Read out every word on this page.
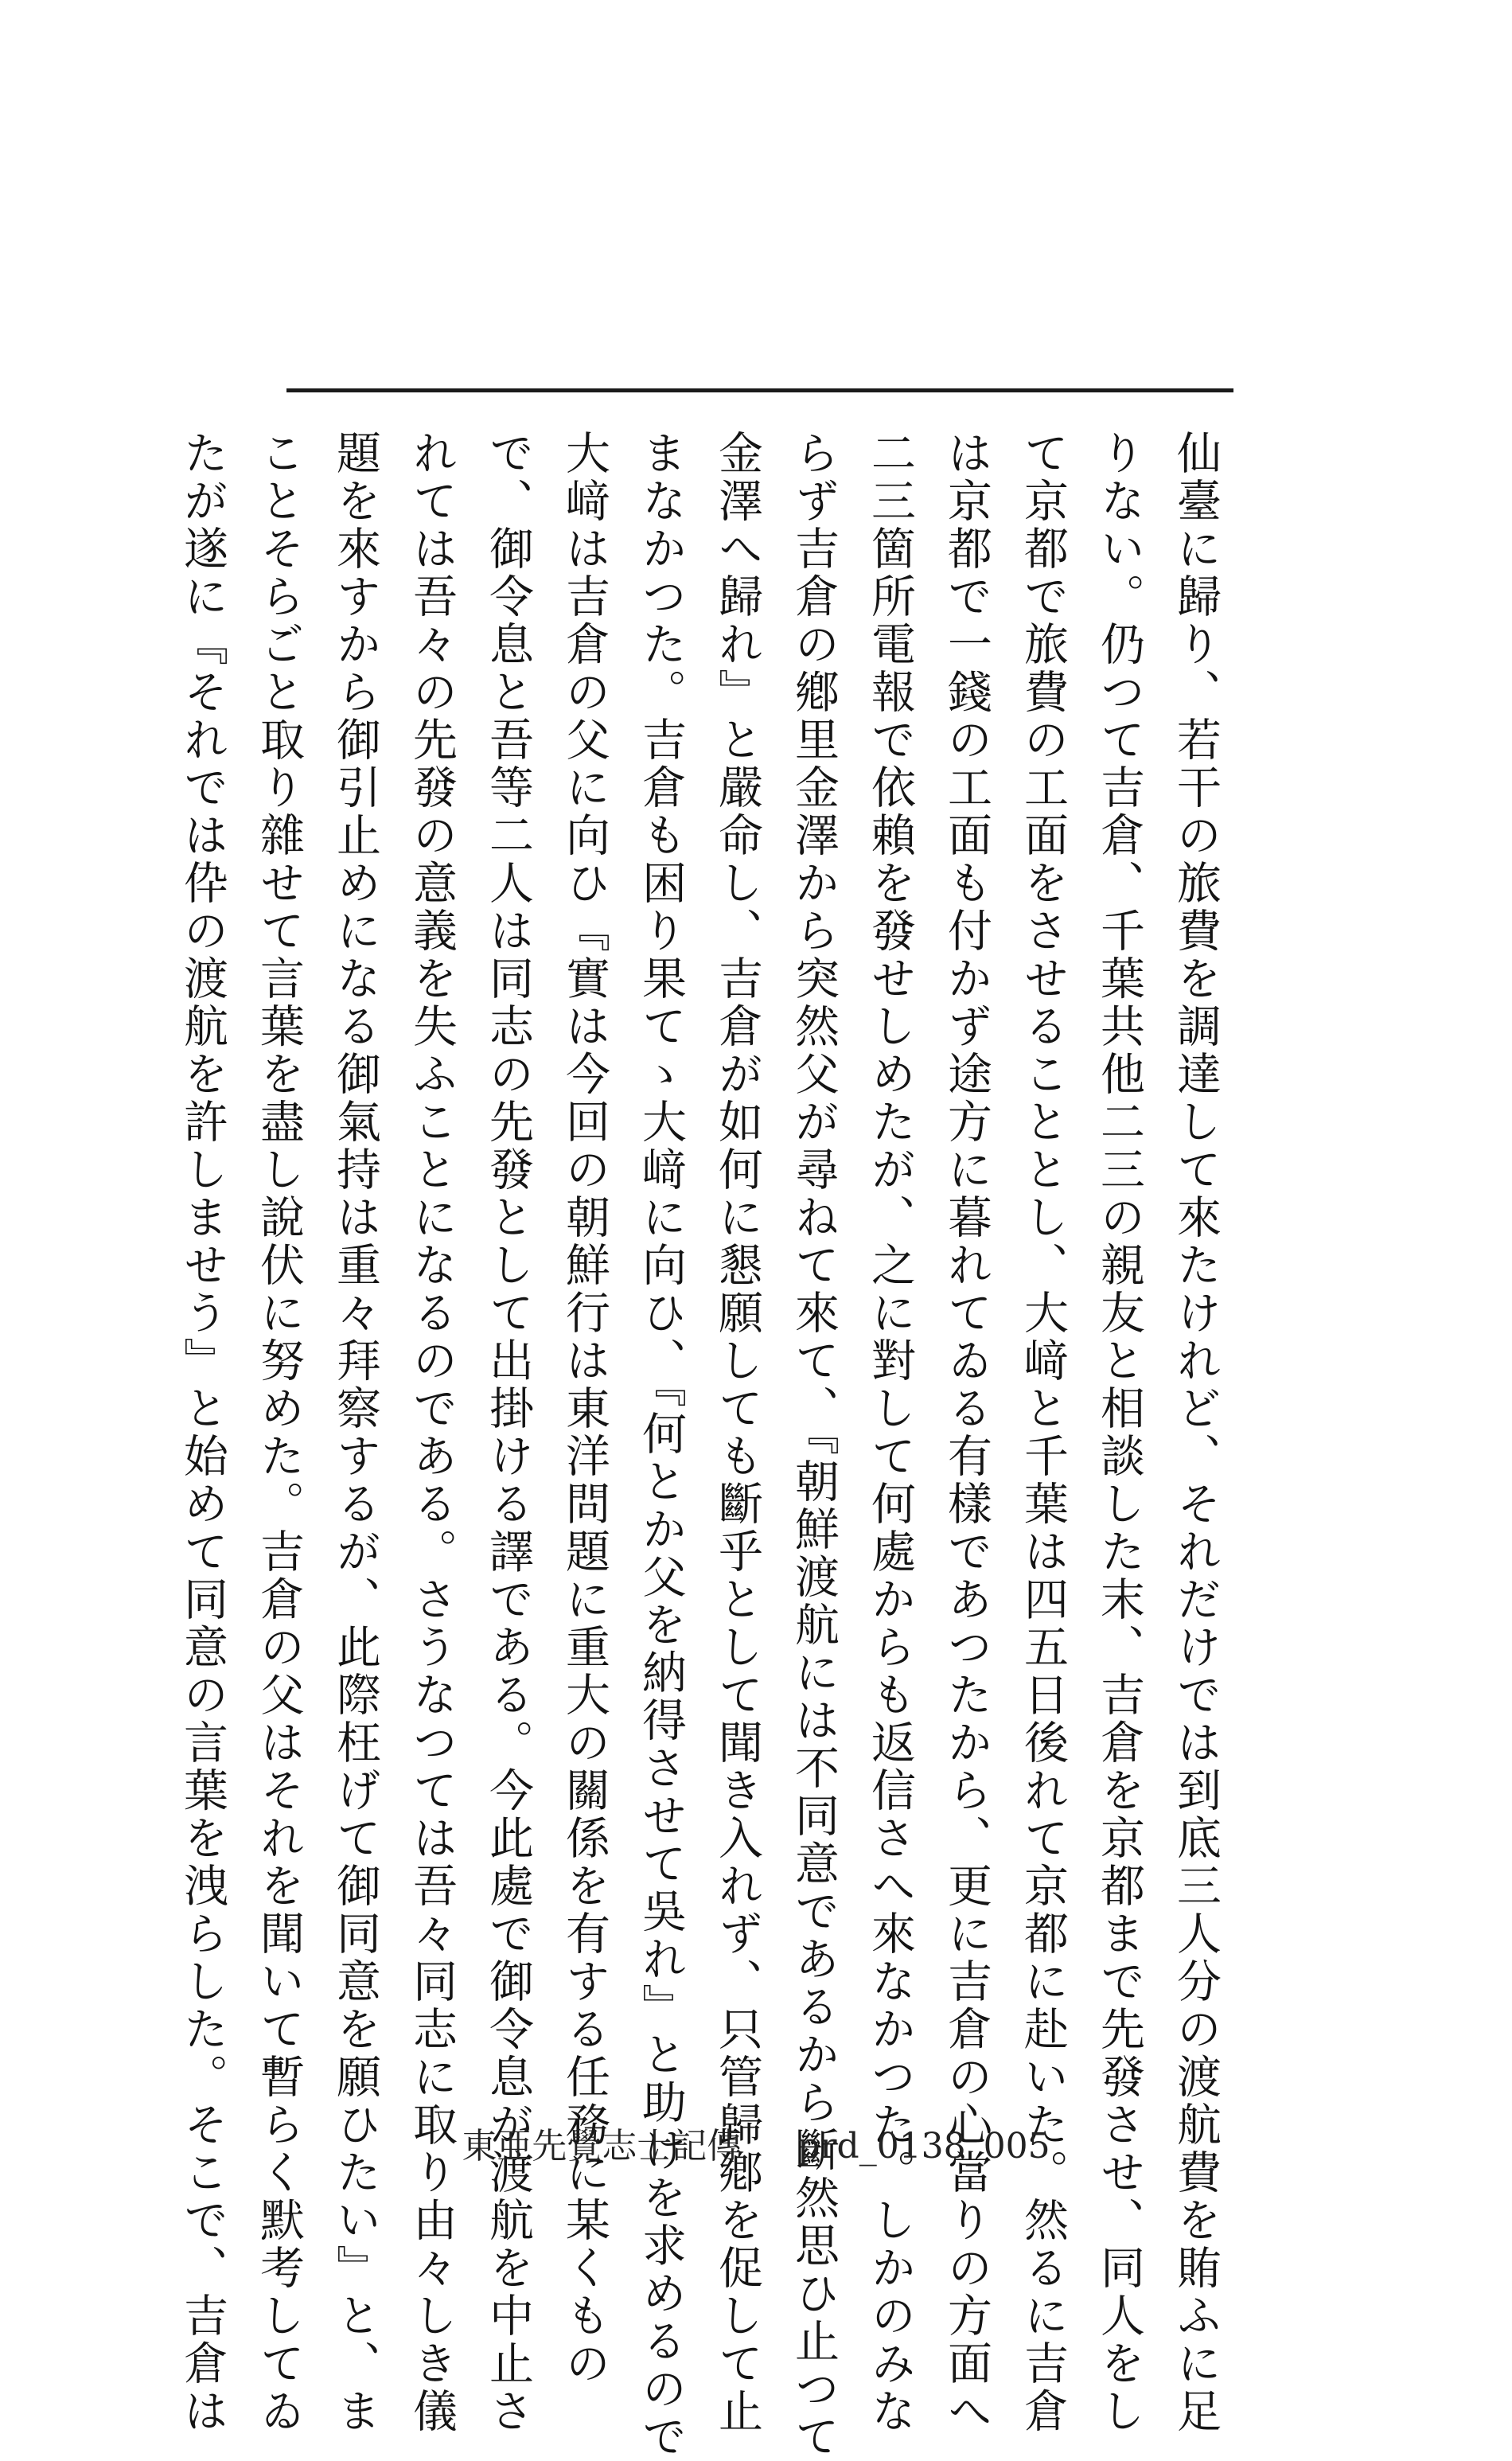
仙臺に歸り、若干の旅費を調達して來たけれど、それだけでは到底三人分の渡航費を賄ふに足
りない。仍つて吉倉、千葉共他二三の親友と相談した末、吉倉を京都まで先發させ、同人をし
て京都で旅費の工面をさせることとし、大﨑と千葉は四五日後れて京都に赴いた。然るに吉倉
は京都で一錢の工面も付かず途方に暮れてゐる有樣であつたから、更に吉倉の心當りの方面へ
二三箇所電報で依賴を發せしめたが、之に對して何處からも返信さへ來なかつた。しかのみな
らず吉倉の鄕里金澤から突然父が尋ねて來て、『朝鮮渡航には不同意であるから斷然思ひ止つて
金澤へ歸れ』と嚴命し、吉倉が如何に懇願しても斷乎として聞き入れず、只管歸鄕を促して止
まなかつた。吉倉も困り果てゝ大﨑に向ひ、『何とか父を納得させて吳れ』と助けを求めるので
大﨑は吉倉の父に向ひ『實は今回の朝鮮行は東洋問題に重大の關係を有する任務に某くもの
で、御令息と吾等二人は同志の先發として出掛ける譯である。今此處で御令息が渡航を中止さ
れては吾々の先發の意義を失ふことになるのである。さうなつては吾々同志に取り由々しき儀
題を來すから御引止めになる御氣持は重々拜察するが、此際枉げて御同意を願ひたい』と、ま
ことそらごと取り雜せて言葉を盡し說伏に努めた。吉倉の父はそれを聞いて暫らく默考してゐ
たが遂に『それでは伜の渡航を許しませう』と始めて同意の言葉を洩らした。そこで、吉倉は	東亜先覺志士記傳 prd_0138_005
